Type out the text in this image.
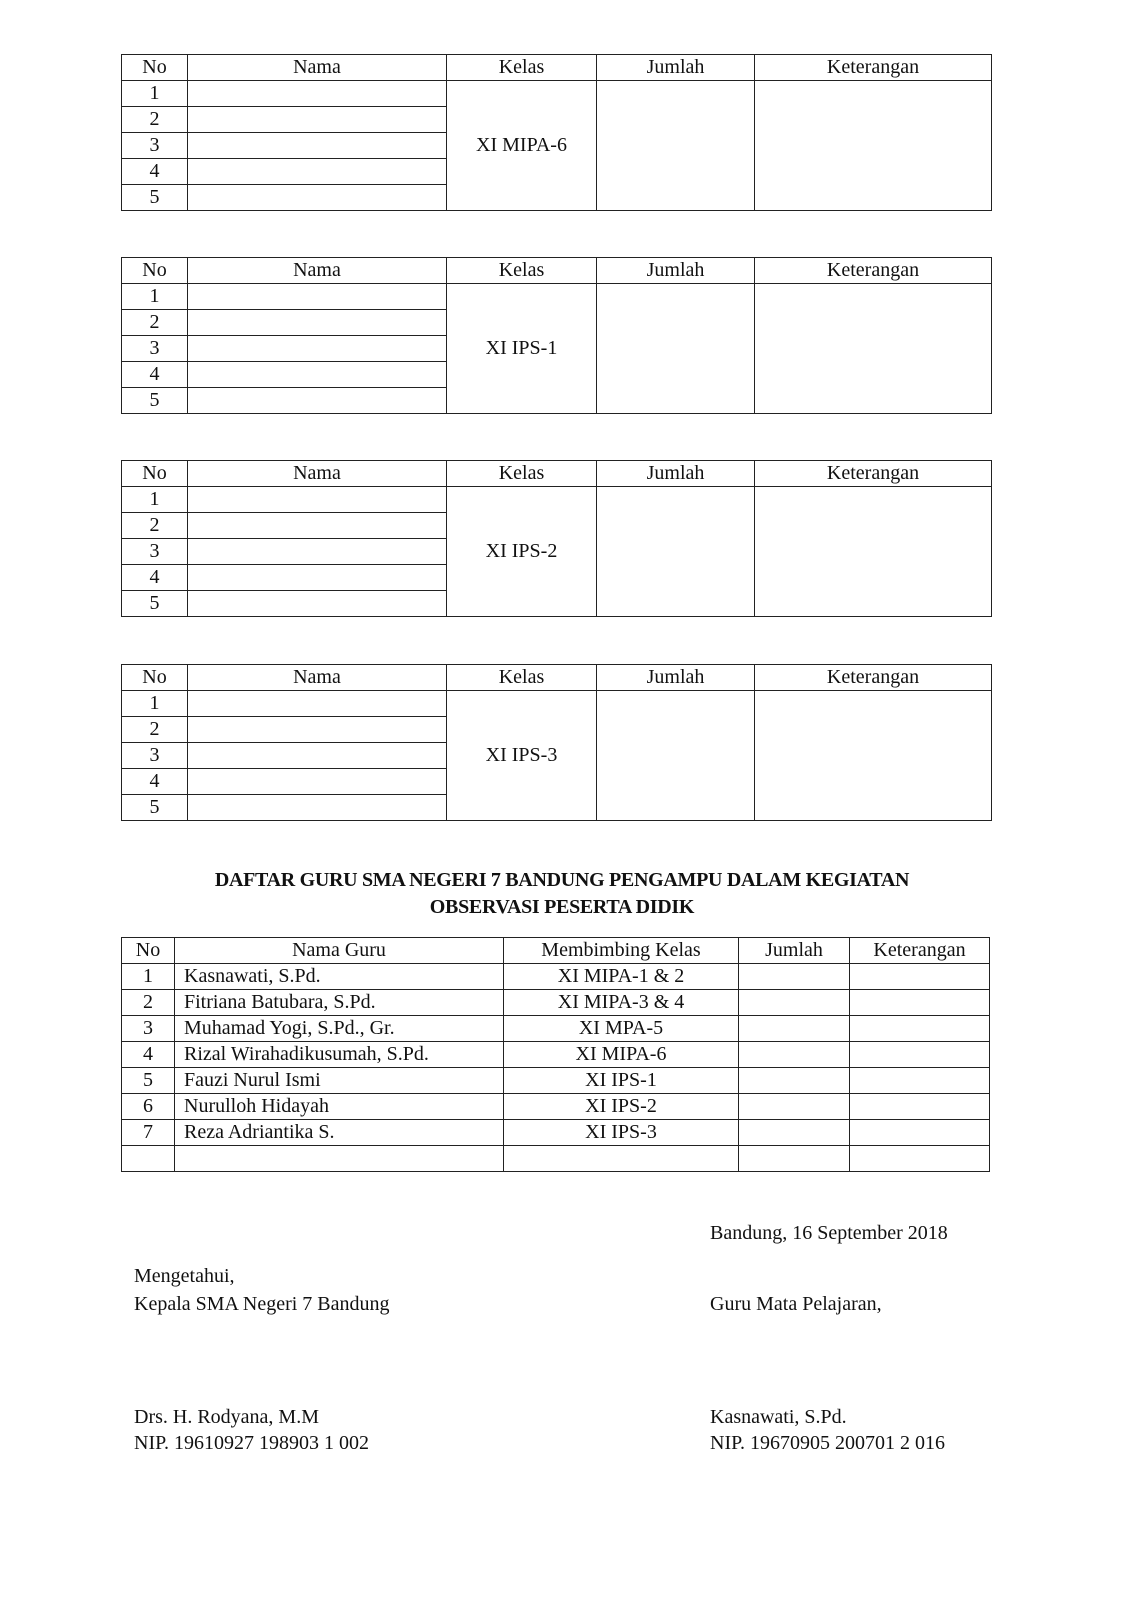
No	Nama	Kelas	Jumlah	Keterangan
1		XI MIPA-6		
2				
3				
4				
5				
No	Nama	Kelas	Jumlah	Keterangan
1		XI IPS-1		
2				
3				
4				
5				
No	Nama	Kelas	Jumlah	Keterangan
1		XI IPS-2		
2				
3				
4				
5				
No	Nama	Kelas	Jumlah	Keterangan
1		XI IPS-3		
2				
3				
4				
5				
DAFTAR GURU SMA NEGERI 7 BANDUNG PENGAMPU DALAM KEGIATAN
OBSERVASI PESERTA DIDIK
No	Nama Guru	Membimbing Kelas	Jumlah	Keterangan
1	Kasnawati, S.Pd.	XI MIPA-1 & 2		
2	Fitriana Batubara, S.Pd.	XI MIPA-3 & 4		
3	Muhamad Yogi, S.Pd., Gr.	XI MPA-5		
4	Rizal Wirahadikusumah, S.Pd.	XI MIPA-6		
5	Fauzi Nurul Ismi	XI IPS-1		
6	Nurulloh Hidayah	XI IPS-2		
7	Reza Adriantika S.	XI IPS-3		

Bandung, 16 September 2018
Mengetahui,
Kepala SMA Negeri 7 Bandung	Guru Mata Pelajaran,
Drs. H. Rodyana, M.M
NIP. 19610927 198903 1 002
Kasnawati, S.Pd.
NIP. 19670905 200701 2 016
